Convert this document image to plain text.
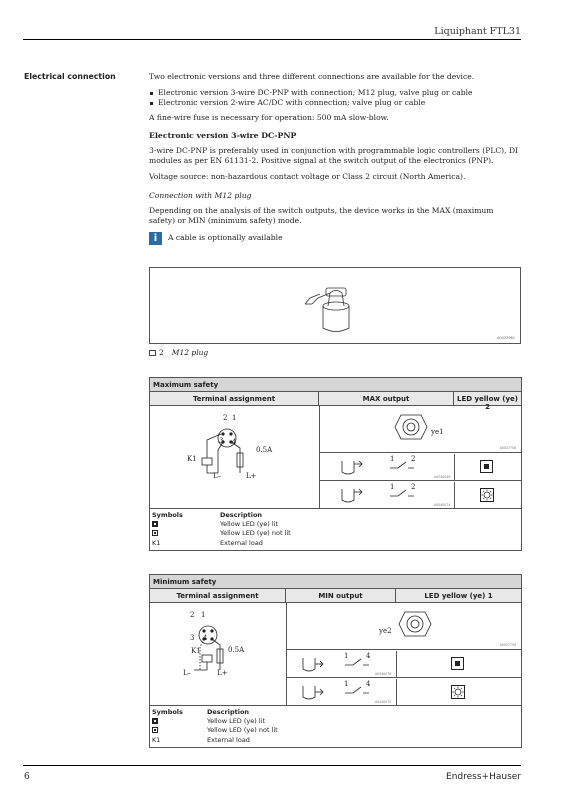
Liquiphant FTL31
Electrical connection	Two electronic versions and three different connections are available for the device.

Electronic version 3-wire DC-PNP with connection; M12 plug, valve plug or cable
Electronic version 2-wire AC/DC with connection; valve plug or cable

A fine-wire fuse is necessary for operation: 500 mA slow-blow.

Electronic version 3-wire DC-PNP

3-wire DC-PNP is preferably used in conjunction with programmable logic controllers (PLC), DI modules as per EN 61131-2. Positive signal at the switch output of the electronics (PNP).

Voltage source: non-hazardous contact voltage or Class 2 circuit (North America).

Connection with M12 plug

Depending on the analysis of the switch outputs, the device works in the MAX (maximum safety) or MIN (minimum safety) mode.

i	A cable is optionally available
A0023961
2 M12 plug
Maximum safety
Terminal assignment	MAX output	LED yellow (ye) 2
2 1
3 4
K1
0.5A
L–	L+
ye1
A0037758
1 2
A0040049
1 2
A0040074
Symbols	Description
Yellow LED (ye) lit
Yellow LED (ye) not lit
K1	External load
Minimum safety
Terminal assignment	MIN output	LED yellow (ye) 1
2 1
3 4
K1	0.5A
L–	L+
ye2
A0037759
1	4
A0040076
1	4
A0040075
Symbols	Description
Yellow LED (ye) lit
Yellow LED (ye) not lit
K1	External load
6	Endress+Hauser
